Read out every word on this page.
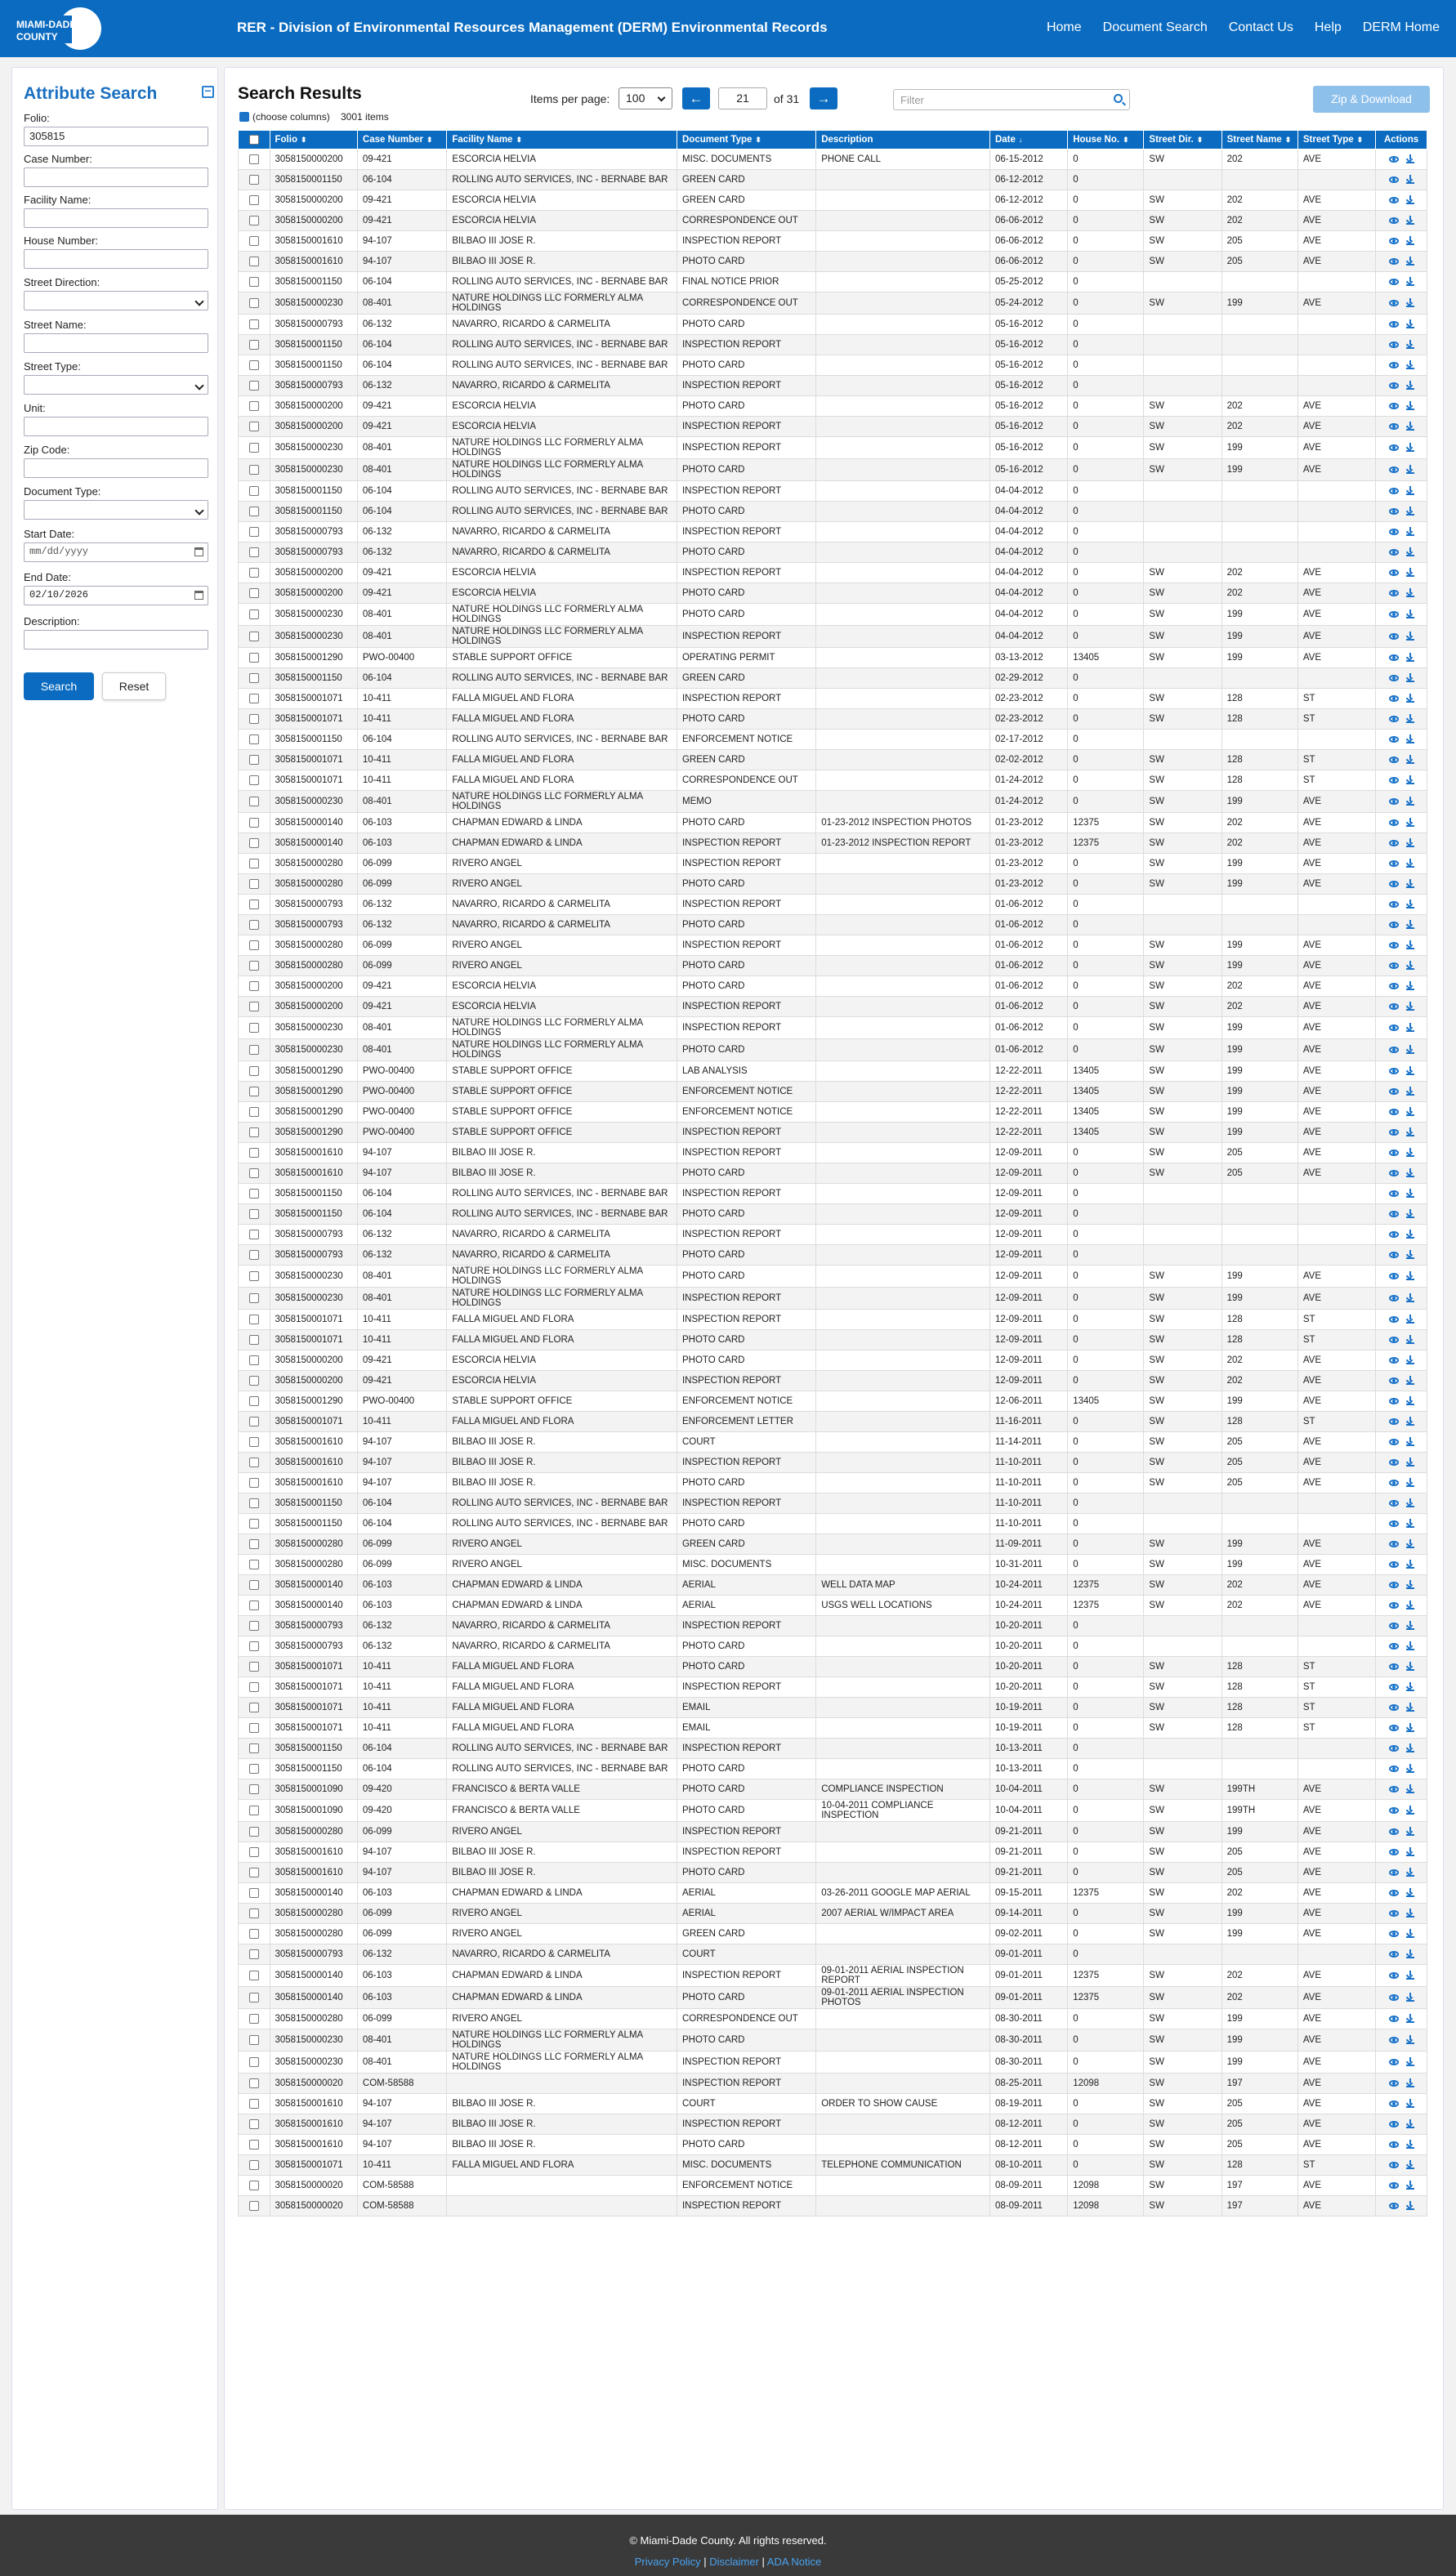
MIAMI-DADE
COUNTY
RER - Division of Environmental Resources Management (DERM) Environmental Records	Home Document Search Contact Us Help DERM Home
Attribute Search	−
Folio:
305815
Case Number:
Facility Name:
House Number:
Street Direction:
Street Name:
Street Type:
Unit:
Zip Code:
Document Type:
Start Date:
mm/dd/yyyy
End Date:
02/10/2026
Description:
Search	Reset
Search Results
(choose columns) 3001 items
Items per page:	100	←	21	of 31	→	Filter	Zip & Download
	Folio ⬍	Case Number ⬍	Facility Name ⬍	Document Type ⬍	Description	Date ↓	House No. ⬍	Street Dir. ⬍	Street Name ⬍	Street Type ⬍	Actions
	3058150000200	09-421	ESCORCIA HELVIA	MISC. DOCUMENTS	PHONE CALL	06-15-2012	0	SW	202	AVE	

	3058150001150	06-104	ROLLING AUTO SERVICES, INC - BERNABE BAR	GREEN CARD		06-12-2012	0				

	3058150000200	09-421	ESCORCIA HELVIA	GREEN CARD		06-12-2012	0	SW	202	AVE	

	3058150000200	09-421	ESCORCIA HELVIA	CORRESPONDENCE OUT		06-06-2012	0	SW	202	AVE	

	3058150001610	94-107	BILBAO III JOSE R.	INSPECTION REPORT		06-06-2012	0	SW	205	AVE	

	3058150001610	94-107	BILBAO III JOSE R.	PHOTO CARD		06-06-2012	0	SW	205	AVE	

	3058150001150	06-104	ROLLING AUTO SERVICES, INC - BERNABE BAR	FINAL NOTICE PRIOR		05-25-2012	0				

	3058150000230	08-401	NATURE HOLDINGS LLC FORMERLY ALMA HOLDINGS	CORRESPONDENCE OUT		05-24-2012	0	SW	199	AVE	

	3058150000793	06-132	NAVARRO, RICARDO & CARMELITA	PHOTO CARD		05-16-2012	0				

	3058150001150	06-104	ROLLING AUTO SERVICES, INC - BERNABE BAR	INSPECTION REPORT		05-16-2012	0				

	3058150001150	06-104	ROLLING AUTO SERVICES, INC - BERNABE BAR	PHOTO CARD		05-16-2012	0				

	3058150000793	06-132	NAVARRO, RICARDO & CARMELITA	INSPECTION REPORT		05-16-2012	0				

	3058150000200	09-421	ESCORCIA HELVIA	PHOTO CARD		05-16-2012	0	SW	202	AVE	

	3058150000200	09-421	ESCORCIA HELVIA	INSPECTION REPORT		05-16-2012	0	SW	202	AVE	

	3058150000230	08-401	NATURE HOLDINGS LLC FORMERLY ALMA HOLDINGS	INSPECTION REPORT		05-16-2012	0	SW	199	AVE	

	3058150000230	08-401	NATURE HOLDINGS LLC FORMERLY ALMA HOLDINGS	PHOTO CARD		05-16-2012	0	SW	199	AVE	

	3058150001150	06-104	ROLLING AUTO SERVICES, INC - BERNABE BAR	INSPECTION REPORT		04-04-2012	0				

	3058150001150	06-104	ROLLING AUTO SERVICES, INC - BERNABE BAR	PHOTO CARD		04-04-2012	0				

	3058150000793	06-132	NAVARRO, RICARDO & CARMELITA	INSPECTION REPORT		04-04-2012	0				

	3058150000793	06-132	NAVARRO, RICARDO & CARMELITA	PHOTO CARD		04-04-2012	0				

	3058150000200	09-421	ESCORCIA HELVIA	INSPECTION REPORT		04-04-2012	0	SW	202	AVE	

	3058150000200	09-421	ESCORCIA HELVIA	PHOTO CARD		04-04-2012	0	SW	202	AVE	

	3058150000230	08-401	NATURE HOLDINGS LLC FORMERLY ALMA HOLDINGS	PHOTO CARD		04-04-2012	0	SW	199	AVE	

	3058150000230	08-401	NATURE HOLDINGS LLC FORMERLY ALMA HOLDINGS	INSPECTION REPORT		04-04-2012	0	SW	199	AVE	

	3058150001290	PWO-00400	STABLE SUPPORT OFFICE	OPERATING PERMIT		03-13-2012	13405	SW	199	AVE	

	3058150001150	06-104	ROLLING AUTO SERVICES, INC - BERNABE BAR	GREEN CARD		02-29-2012	0				

	3058150001071	10-411	FALLA MIGUEL AND FLORA	INSPECTION REPORT		02-23-2012	0	SW	128	ST	

	3058150001071	10-411	FALLA MIGUEL AND FLORA	PHOTO CARD		02-23-2012	0	SW	128	ST	

	3058150001150	06-104	ROLLING AUTO SERVICES, INC - BERNABE BAR	ENFORCEMENT NOTICE		02-17-2012	0				

	3058150001071	10-411	FALLA MIGUEL AND FLORA	GREEN CARD		02-02-2012	0	SW	128	ST	

	3058150001071	10-411	FALLA MIGUEL AND FLORA	CORRESPONDENCE OUT		01-24-2012	0	SW	128	ST	

	3058150000230	08-401	NATURE HOLDINGS LLC FORMERLY ALMA HOLDINGS	MEMO		01-24-2012	0	SW	199	AVE	

	3058150000140	06-103	CHAPMAN EDWARD & LINDA	PHOTO CARD	01-23-2012 INSPECTION PHOTOS	01-23-2012	12375	SW	202	AVE	

	3058150000140	06-103	CHAPMAN EDWARD & LINDA	INSPECTION REPORT	01-23-2012 INSPECTION REPORT	01-23-2012	12375	SW	202	AVE	

	3058150000280	06-099	RIVERO ANGEL	INSPECTION REPORT		01-23-2012	0	SW	199	AVE	

	3058150000280	06-099	RIVERO ANGEL	PHOTO CARD		01-23-2012	0	SW	199	AVE	

	3058150000793	06-132	NAVARRO, RICARDO & CARMELITA	INSPECTION REPORT		01-06-2012	0				

	3058150000793	06-132	NAVARRO, RICARDO & CARMELITA	PHOTO CARD		01-06-2012	0				

	3058150000280	06-099	RIVERO ANGEL	INSPECTION REPORT		01-06-2012	0	SW	199	AVE	

	3058150000280	06-099	RIVERO ANGEL	PHOTO CARD		01-06-2012	0	SW	199	AVE	

	3058150000200	09-421	ESCORCIA HELVIA	PHOTO CARD		01-06-2012	0	SW	202	AVE	

	3058150000200	09-421	ESCORCIA HELVIA	INSPECTION REPORT		01-06-2012	0	SW	202	AVE	

	3058150000230	08-401	NATURE HOLDINGS LLC FORMERLY ALMA HOLDINGS	INSPECTION REPORT		01-06-2012	0	SW	199	AVE	

	3058150000230	08-401	NATURE HOLDINGS LLC FORMERLY ALMA HOLDINGS	PHOTO CARD		01-06-2012	0	SW	199	AVE	

	3058150001290	PWO-00400	STABLE SUPPORT OFFICE	LAB ANALYSIS		12-22-2011	13405	SW	199	AVE	

	3058150001290	PWO-00400	STABLE SUPPORT OFFICE	ENFORCEMENT NOTICE		12-22-2011	13405	SW	199	AVE	

	3058150001290	PWO-00400	STABLE SUPPORT OFFICE	ENFORCEMENT NOTICE		12-22-2011	13405	SW	199	AVE	

	3058150001290	PWO-00400	STABLE SUPPORT OFFICE	INSPECTION REPORT		12-22-2011	13405	SW	199	AVE	

	3058150001610	94-107	BILBAO III JOSE R.	INSPECTION REPORT		12-09-2011	0	SW	205	AVE	

	3058150001610	94-107	BILBAO III JOSE R.	PHOTO CARD		12-09-2011	0	SW	205	AVE	

	3058150001150	06-104	ROLLING AUTO SERVICES, INC - BERNABE BAR	INSPECTION REPORT		12-09-2011	0				

	3058150001150	06-104	ROLLING AUTO SERVICES, INC - BERNABE BAR	PHOTO CARD		12-09-2011	0				

	3058150000793	06-132	NAVARRO, RICARDO & CARMELITA	INSPECTION REPORT		12-09-2011	0				

	3058150000793	06-132	NAVARRO, RICARDO & CARMELITA	PHOTO CARD		12-09-2011	0				

	3058150000230	08-401	NATURE HOLDINGS LLC FORMERLY ALMA HOLDINGS	PHOTO CARD		12-09-2011	0	SW	199	AVE	

	3058150000230	08-401	NATURE HOLDINGS LLC FORMERLY ALMA HOLDINGS	INSPECTION REPORT		12-09-2011	0	SW	199	AVE	

	3058150001071	10-411	FALLA MIGUEL AND FLORA	INSPECTION REPORT		12-09-2011	0	SW	128	ST	

	3058150001071	10-411	FALLA MIGUEL AND FLORA	PHOTO CARD		12-09-2011	0	SW	128	ST	

	3058150000200	09-421	ESCORCIA HELVIA	PHOTO CARD		12-09-2011	0	SW	202	AVE	

	3058150000200	09-421	ESCORCIA HELVIA	INSPECTION REPORT		12-09-2011	0	SW	202	AVE	

	3058150001290	PWO-00400	STABLE SUPPORT OFFICE	ENFORCEMENT NOTICE		12-06-2011	13405	SW	199	AVE	

	3058150001071	10-411	FALLA MIGUEL AND FLORA	ENFORCEMENT LETTER		11-16-2011	0	SW	128	ST	

	3058150001610	94-107	BILBAO III JOSE R.	COURT		11-14-2011	0	SW	205	AVE	

	3058150001610	94-107	BILBAO III JOSE R.	INSPECTION REPORT		11-10-2011	0	SW	205	AVE	

	3058150001610	94-107	BILBAO III JOSE R.	PHOTO CARD		11-10-2011	0	SW	205	AVE	

	3058150001150	06-104	ROLLING AUTO SERVICES, INC - BERNABE BAR	INSPECTION REPORT		11-10-2011	0				

	3058150001150	06-104	ROLLING AUTO SERVICES, INC - BERNABE BAR	PHOTO CARD		11-10-2011	0				

	3058150000280	06-099	RIVERO ANGEL	GREEN CARD		11-09-2011	0	SW	199	AVE	

	3058150000280	06-099	RIVERO ANGEL	MISC. DOCUMENTS		10-31-2011	0	SW	199	AVE	

	3058150000140	06-103	CHAPMAN EDWARD & LINDA	AERIAL	WELL DATA MAP	10-24-2011	12375	SW	202	AVE	

	3058150000140	06-103	CHAPMAN EDWARD & LINDA	AERIAL	USGS WELL LOCATIONS	10-24-2011	12375	SW	202	AVE	

	3058150000793	06-132	NAVARRO, RICARDO & CARMELITA	INSPECTION REPORT		10-20-2011	0				

	3058150000793	06-132	NAVARRO, RICARDO & CARMELITA	PHOTO CARD		10-20-2011	0				

	3058150001071	10-411	FALLA MIGUEL AND FLORA	PHOTO CARD		10-20-2011	0	SW	128	ST	

	3058150001071	10-411	FALLA MIGUEL AND FLORA	INSPECTION REPORT		10-20-2011	0	SW	128	ST	

	3058150001071	10-411	FALLA MIGUEL AND FLORA	EMAIL		10-19-2011	0	SW	128	ST	

	3058150001071	10-411	FALLA MIGUEL AND FLORA	EMAIL		10-19-2011	0	SW	128	ST	

	3058150001150	06-104	ROLLING AUTO SERVICES, INC - BERNABE BAR	INSPECTION REPORT		10-13-2011	0				

	3058150001150	06-104	ROLLING AUTO SERVICES, INC - BERNABE BAR	PHOTO CARD		10-13-2011	0				

	3058150001090	09-420	FRANCISCO & BERTA VALLE	PHOTO CARD	COMPLIANCE INSPECTION	10-04-2011	0	SW	199TH	AVE	

	3058150001090	09-420	FRANCISCO & BERTA VALLE	PHOTO CARD	10-04-2011 COMPLIANCE INSPECTION	10-04-2011	0	SW	199TH	AVE	

	3058150000280	06-099	RIVERO ANGEL	INSPECTION REPORT		09-21-2011	0	SW	199	AVE	

	3058150001610	94-107	BILBAO III JOSE R.	INSPECTION REPORT		09-21-2011	0	SW	205	AVE	

	3058150001610	94-107	BILBAO III JOSE R.	PHOTO CARD		09-21-2011	0	SW	205	AVE	

	3058150000140	06-103	CHAPMAN EDWARD & LINDA	AERIAL	03-26-2011 GOOGLE MAP AERIAL	09-15-2011	12375	SW	202	AVE	

	3058150000280	06-099	RIVERO ANGEL	AERIAL	2007 AERIAL W/IMPACT AREA	09-14-2011	0	SW	199	AVE	

	3058150000280	06-099	RIVERO ANGEL	GREEN CARD		09-02-2011	0	SW	199	AVE	

	3058150000793	06-132	NAVARRO, RICARDO & CARMELITA	COURT		09-01-2011	0				

	3058150000140	06-103	CHAPMAN EDWARD & LINDA	INSPECTION REPORT	09-01-2011 AERIAL INSPECTION REPORT	09-01-2011	12375	SW	202	AVE	

	3058150000140	06-103	CHAPMAN EDWARD & LINDA	PHOTO CARD	09-01-2011 AERIAL INSPECTION PHOTOS	09-01-2011	12375	SW	202	AVE	

	3058150000280	06-099	RIVERO ANGEL	CORRESPONDENCE OUT		08-30-2011	0	SW	199	AVE	

	3058150000230	08-401	NATURE HOLDINGS LLC FORMERLY ALMA HOLDINGS	PHOTO CARD		08-30-2011	0	SW	199	AVE	

	3058150000230	08-401	NATURE HOLDINGS LLC FORMERLY ALMA HOLDINGS	INSPECTION REPORT		08-30-2011	0	SW	199	AVE	

	3058150000020	COM-58588		INSPECTION REPORT		08-25-2011	12098	SW	197	AVE	

	3058150001610	94-107	BILBAO III JOSE R.	COURT	ORDER TO SHOW CAUSE	08-19-2011	0	SW	205	AVE	

	3058150001610	94-107	BILBAO III JOSE R.	INSPECTION REPORT		08-12-2011	0	SW	205	AVE	

	3058150001610	94-107	BILBAO III JOSE R.	PHOTO CARD		08-12-2011	0	SW	205	AVE	

	3058150001071	10-411	FALLA MIGUEL AND FLORA	MISC. DOCUMENTS	TELEPHONE COMMUNICATION	08-10-2011	0	SW	128	ST	

	3058150000020	COM-58588		ENFORCEMENT NOTICE		08-09-2011	12098	SW	197	AVE	

	3058150000020	COM-58588		INSPECTION REPORT		08-09-2011	12098	SW	197	AVE	
© Miami-Dade County. All rights reserved.
Privacy Policy | Disclaimer | ADA Notice
